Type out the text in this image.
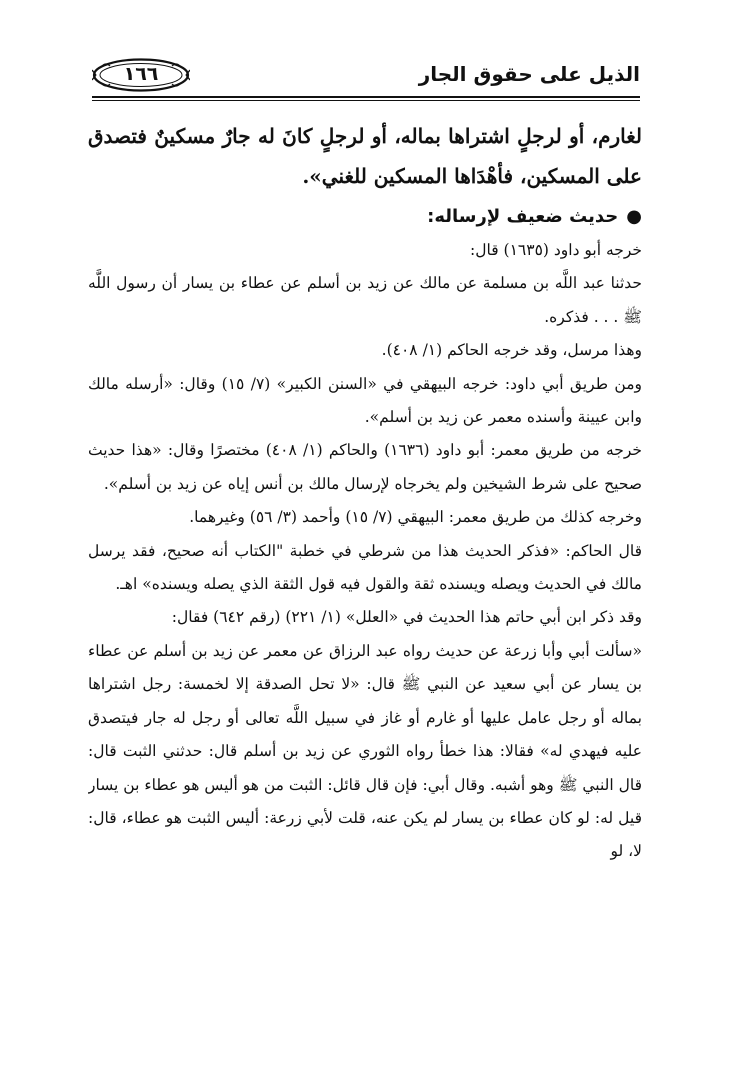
١٦٦	الذيل على حقوق الجار

لغارم، أو لرجلٍ اشتراها بماله، أو لرجلٍ كانَ له جارٌ مسكينٌ فتصدق على المسكين، فأهْدَاها المسكين للغني».

●حديث ضعيف لإرساله:

خرجه أبو داود (١٦٣٥) قال:

حدثنا عبد اللَّه بن مسلمة عن مالك عن زيد بن أسلم عن عطاء بن يسار أن رسول اللَّه ﷺ . . . فذكره.

وهذا مرسل، وقد خرجه الحاكم (١/ ٤٠٨).

ومن طريق أبي داود: خرجه البيهقي في «السنن الكبير» (٧/ ١٥) وقال: «أرسله مالك وابن عيينة وأسنده معمر عن زيد بن أسلم».

خرجه من طريق معمر: أبو داود (١٦٣٦) والحاكم (١/ ٤٠٨) مختصرًا وقال: «هذا حديث صحيح على شرط الشيخين ولم يخرجاه لإرسال مالك بن أنس إياه عن زيد بن أسلم».

وخرجه كذلك من طريق معمر: البيهقي (٧/ ١٥) وأحمد (٣/ ٥٦) وغيرهما.

قال الحاكم: «فذكر الحديث هذا من شرطي في خطبة "الكتاب أنه صحيح، فقد يرسل مالك في الحديث ويصله ويسنده ثقة والقول فيه قول الثقة الذي يصله ويسنده» اهـ.

وقد ذكر ابن أبي حاتم هذا الحديث في «العلل» (١/ ٢٢١) (رقم ٦٤٢) فقال:

«سألت أبي وأبا زرعة عن حديث رواه عبد الرزاق عن معمر عن زيد بن أسلم عن عطاء بن يسار عن أبي سعيد عن النبي ﷺ قال: «لا تحل الصدقة إلا لخمسة: رجل اشتراها بماله أو رجل عامل عليها أو غارم أو غاز في سبيل اللَّه تعالى أو رجل له جار فيتصدق عليه فيهدي له» فقالا: هذا خطأ رواه الثوري عن زيد بن أسلم قال: حدثني الثبت قال: قال النبي ﷺ وهو أشبه. وقال أبي: فإن قال قائل: الثبت من هو أليس هو عطاء بن يسار قيل له: لو كان عطاء بن يسار لم يكن عنه، قلت لأبي زرعة: أليس الثبت هو عطاء، قال: لا، لو
